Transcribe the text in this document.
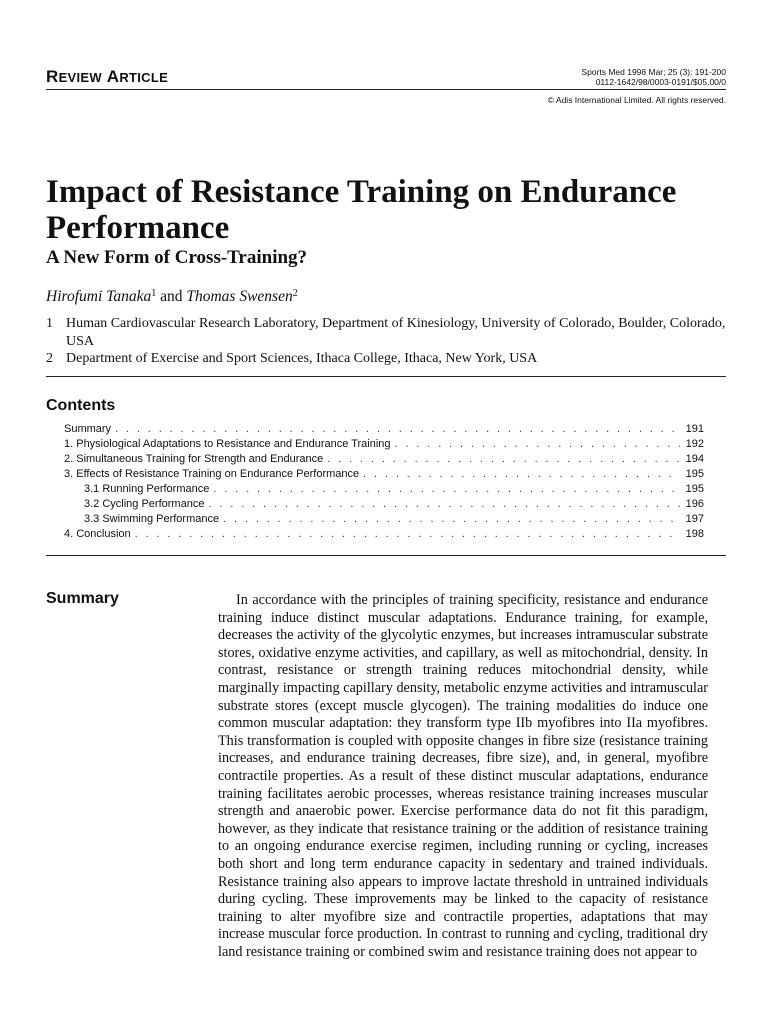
REVIEW ARTICLE	Sports Med 1998 Mar; 25 (3): 191-200
0112-1642/98/0003-0191/$05.00/0
© Adis International Limited. All rights reserved.
Impact of Resistance Training on Endurance Performance
A New Form of Cross-Training?
Hirofumi Tanaka$^1$ and Thomas Swensen$^2$
1 Human Cardiovascular Research Laboratory, Department of Kinesiology, University of Colorado, Boulder, Colorado, USA
2 Department of Exercise and Sport Sciences, Ithaca College, Ithaca, New York, USA
Contents
Summary . . .	191
1. Physiological Adaptations to Resistance and Endurance Training . . .	192
2. Simultaneous Training for Strength and Endurance . . .	194
3. Effects of Resistance Training on Endurance Performance . . .	195
3.1 Running Performance . . .	195
3.2 Cycling Performance . . .	196
3.3 Swimming Performance . . .	197
4. Conclusion . . .	198
Summary	In accordance with the principles of training specificity, resistance and endurance training induce distinct muscular adaptations. Endurance training, for example, decreases the activity of the glycolytic enzymes, but increases intramuscular substrate stores, oxidative enzyme activities, and capillary, as well as mitochondrial, density. In contrast, resistance or strength training reduces mitochondrial density, while marginally impacting capillary density, metabolic enzyme activities and intramuscular substrate stores (except muscle glycogen). The training modalities do induce one common muscular adaptation: they transform type IIb myofibres into IIa myofibres. This transformation is coupled with opposite changes in fibre size (resistance training increases, and endurance training decreases, fibre size), and, in general, myofibre contractile properties. As a result of these distinct muscular adaptations, endurance training facilitates aerobic processes, whereas resistance training increases muscular strength and anaerobic power. Exercise performance data do not fit this paradigm, however, as they indicate that resistance training or the addition of resistance training to an ongoing endurance exercise regimen, including running or cycling, increases both short and long term endurance capacity in sedentary and trained individuals. Resistance training also appears to improve lactate threshold in untrained individuals during cycling. These improvements may be linked to the capacity of resistance training to alter myofibre size and contractile properties, adaptations that may increase muscular force production. In contrast to running and cycling, traditional dry land resistance training or combined swim and resistance training does not appear to
